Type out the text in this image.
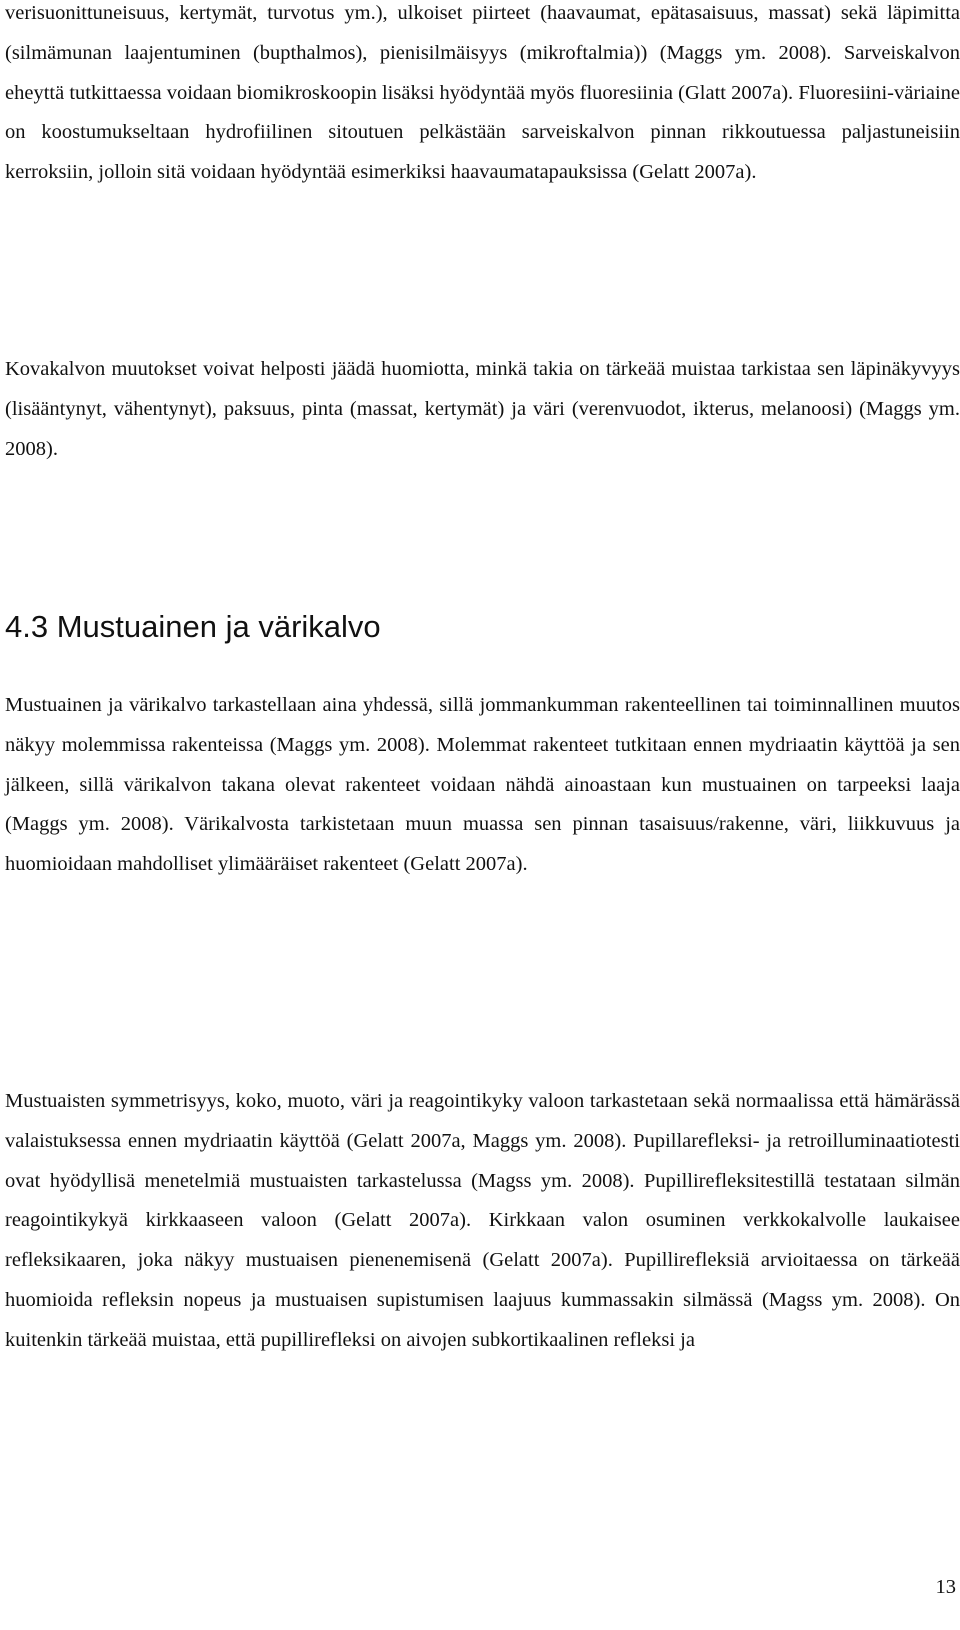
verisuonittuneisuus, kertymät, turvotus ym.), ulkoiset piirteet (haavaumat, epätasaisuus, massat) sekä läpimitta (silmämunan laajentuminen (bupthalmos), pienisilmäisyys (mikroftalmia)) (Maggs ym. 2008). Sarveiskalvon eheyttä tutkittaessa voidaan biomikroskoopin lisäksi hyödyntää myös fluoresiinia (Glatt 2007a). Fluoresiini-väriaine on koostumukseltaan hydrofiilinen sitoutuen pelkästään sarveiskalvon pinnan rikkoutuessa paljastuneisiin kerroksiin, jolloin sitä voidaan hyödyntää esimerkiksi haavaumatapauksissa (Gelatt 2007a).

Kovakalvon muutokset voivat helposti jäädä huomiotta, minkä takia on tärkeää muistaa tarkistaa sen läpinäkyvyys (lisääntynyt, vähentynyt), paksuus, pinta (massat, kertymät) ja väri (verenvuodot, ikterus, melanoosi) (Maggs ym. 2008).

4.3 Mustuainen ja värikalvo

Mustuainen ja värikalvo tarkastellaan aina yhdessä, sillä jommankumman rakenteellinen tai toiminnallinen muutos näkyy molemmissa rakenteissa (Maggs ym. 2008). Molemmat rakenteet tutkitaan ennen mydriaatin käyttöä ja sen jälkeen, sillä värikalvon takana olevat rakenteet voidaan nähdä ainoastaan kun mustuainen on tarpeeksi laaja (Maggs ym. 2008). Värikalvosta tarkistetaan muun muassa sen pinnan tasaisuus/rakenne, väri, liikkuvuus ja huomioidaan mahdolliset ylimääräiset rakenteet (Gelatt 2007a).

Mustuaisten symmetrisyys, koko, muoto, väri ja reagointikyky valoon tarkastetaan sekä normaalissa että hämärässä valaistuksessa ennen mydriaatin käyttöä (Gelatt 2007a, Maggs ym. 2008). Pupillarefleksi- ja retroilluminaatiotesti ovat hyödyllisä menetelmiä mustuaisten tarkastelussa (Magss ym. 2008). Pupillirefleksitestillä testataan silmän reagointikykyä kirkkaaseen valoon (Gelatt 2007a). Kirkkaan valon osuminen verkkokalvolle laukaisee refleksikaaren, joka näkyy mustuaisen pienenemisenä (Gelatt 2007a). Pupillirefleksiä arvioitaessa on tärkeää huomioida refleksin nopeus ja mustuaisen supistumisen laajuus kummassakin silmässä (Magss ym. 2008). On kuitenkin tärkeää muistaa, että pupillirefleksi on aivojen subkortikaalinen refleksi ja

13
